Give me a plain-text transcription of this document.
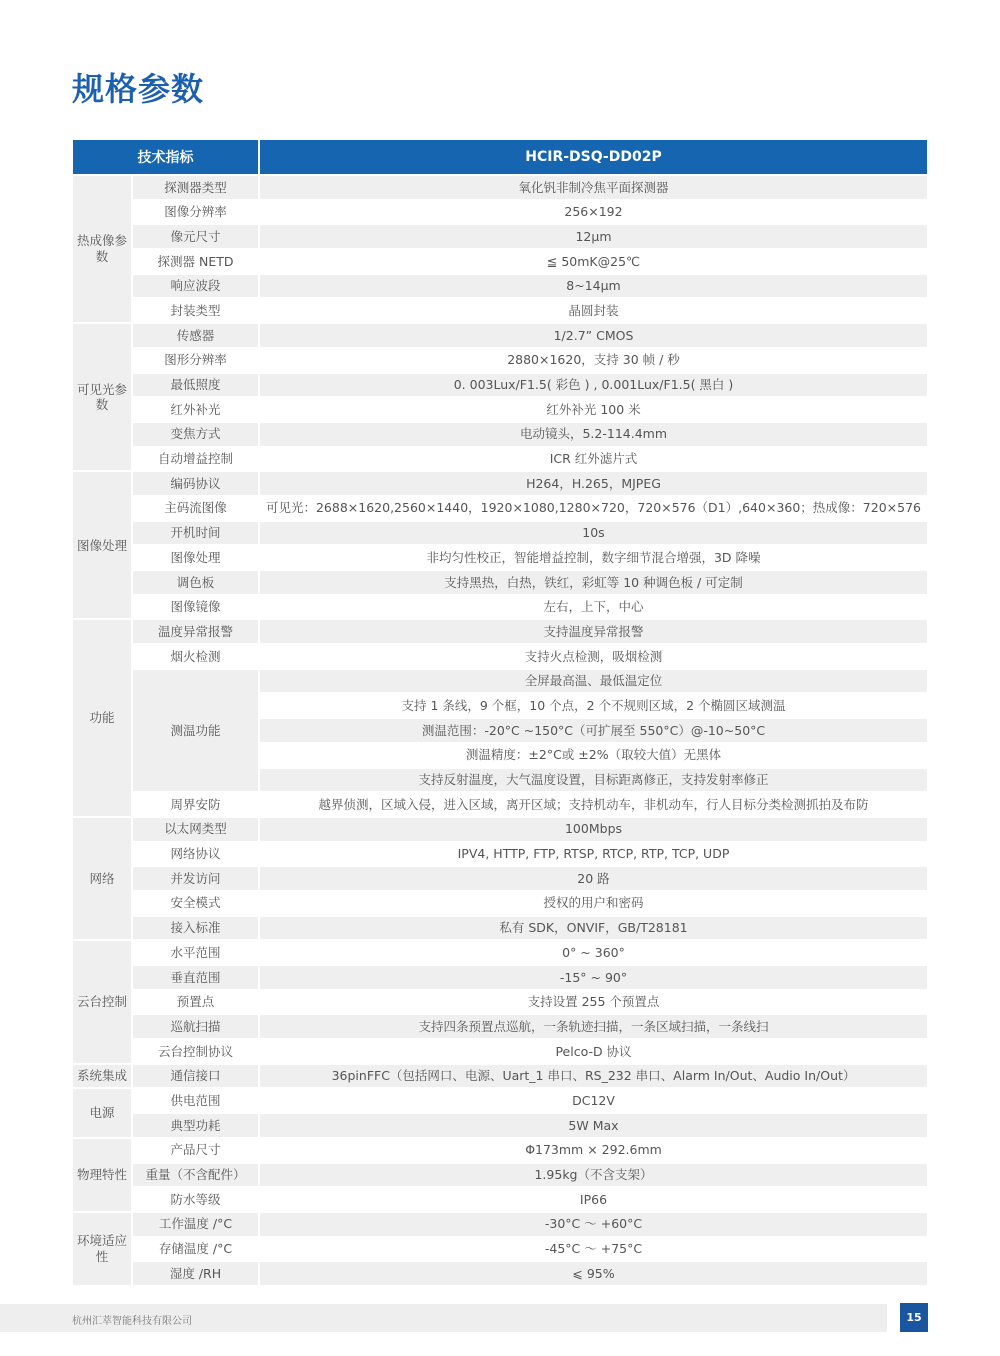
规格参数
技术指标		HCIR-DSQ-DD02P
热成像参数	探测器类型	氧化钒非制冷焦平面探测器
	图像分辨率	256×192
	像元尺寸	12μm
	探测器 NETD	≦ 50mK@25℃
	响应波段	8~14μm
	封装类型	晶圆封装
可见光参数	传感器	1/2.7” CMOS
	图形分辨率	2880×1620，支持 30 帧 / 秒
	最低照度	0. 003Lux/F1.5( 彩色 ) , 0.001Lux/F1.5( 黑白 )
	红外补光	红外补光 100 米
	变焦方式	电动镜头，5.2-114.4mm
	自动增益控制	ICR 红外滤片式
图像处理	编码协议	H264，H.265，MJPEG
	主码流图像	可见光：2688×1620,2560×1440，1920×1080,1280×720，720×576（D1）,640×360；热成像：720×576
	开机时间	10s
	图像处理	非均匀性校正，智能增益控制，数字细节混合增强，3D 降噪
	调色板	支持黑热，白热，铁红，彩虹等 10 种调色板 / 可定制
	图像镜像	左右，上下，中心
功能	温度异常报警	支持温度异常报警
	烟火检测	支持火点检测，吸烟检测
	测温功能	全屏最高温、最低温定位
		支持 1 条线，9 个框，10 个点，2 个不规则区域，2 个椭圆区域测温
		测温范围：-20°C ~150°C（可扩展至 550°C）@-10~50°C
		测温精度：±2°C或 ±2%（取较大值）无黑体
		支持反射温度，大气温度设置，目标距离修正，支持发射率修正
	周界安防	越界侦测，区域入侵，进入区域，离开区域；支持机动车，非机动车，行人目标分类检测抓拍及布防
网络	以太网类型	100Mbps
	网络协议	IPV4, HTTP, FTP, RTSP, RTCP, RTP, TCP, UDP
	并发访问	20 路
	安全模式	授权的用户和密码
	接入标准	私有 SDK，ONVIF，GB/T28181
云台控制	水平范围	0° ~ 360°
	垂直范围	-15° ~ 90°
	预置点	支持设置 255 个预置点
	巡航扫描	支持四条预置点巡航，一条轨迹扫描，一条区域扫描，一条线扫
	云台控制协议	Pelco-D 协议
系统集成	通信接口	36pinFFC（包括网口、电源、Uart_1 串口、RS_232 串口、Alarm In/Out、Audio In/Out）
电源	供电范围	DC12V
	典型功耗	5W Max
物理特性	产品尺寸	Φ173mm × 292.6mm
	重量（不含配件）	1.95kg（不含支架）
	防水等级	IP66
环境适应性	工作温度 /°C	-30°C ～ +60°C
	存储温度 /°C	-45°C ～ +75°C
	湿度 /RH	⩽ 95%
杭州汇萃智能科技有限公司	15
